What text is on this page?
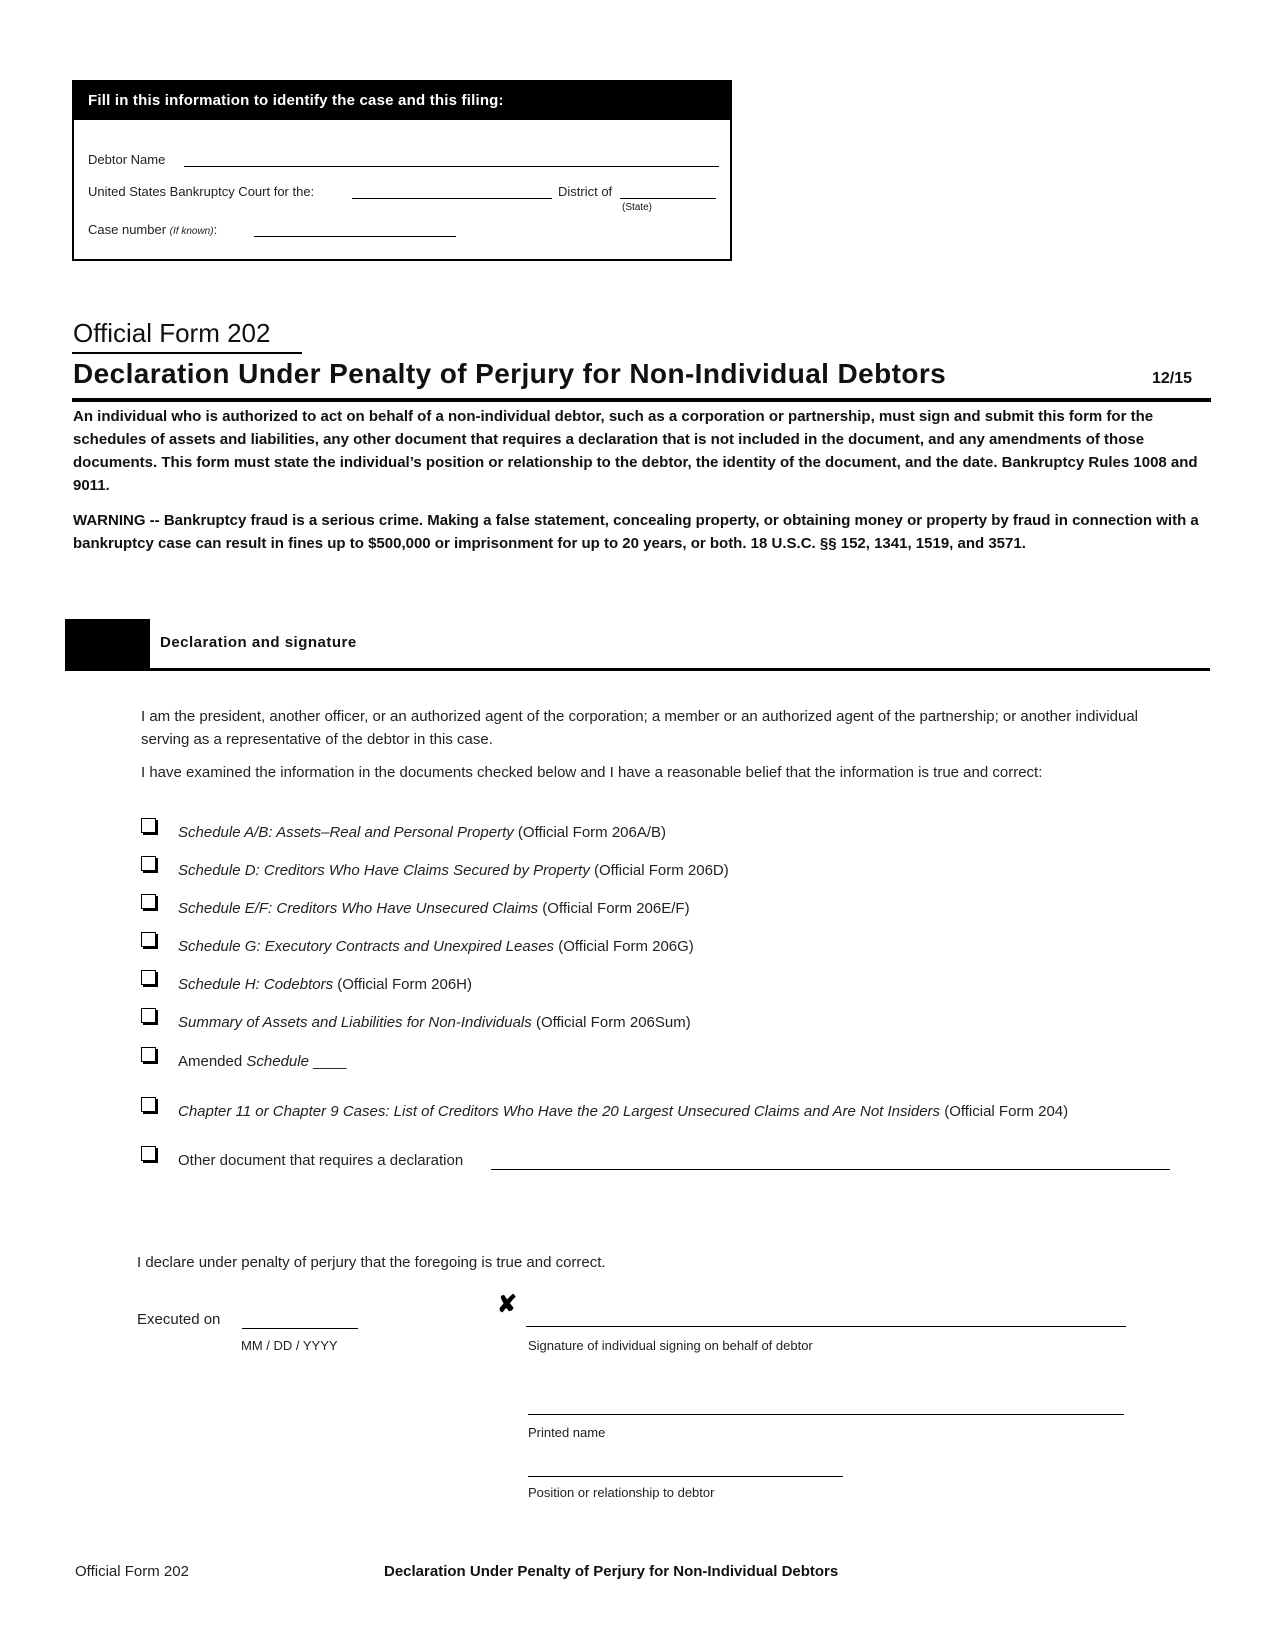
Fill in this information to identify the case and this filing:
Debtor Name
United States Bankruptcy Court for the:	District of
(State)
Case number (If known):
Official Form 202
Declaration Under Penalty of Perjury for Non-Individual Debtors	12/15

An individual who is authorized to act on behalf of a non-individual debtor, such as a corporation or partnership, must sign and submit this form for the schedules of assets and liabilities, any other document that requires a declaration that is not included in the document, and any amendments of those documents. This form must state the individual’s position or relationship to the debtor, the identity of the document, and the date. Bankruptcy Rules 1008 and 9011.

WARNING -- Bankruptcy fraud is a serious crime. Making a false statement, concealing property, or obtaining money or property by fraud in connection with a bankruptcy case can result in fines up to $500,000 or imprisonment for up to 20 years, or both. 18 U.S.C. §§ 152, 1341, 1519, and 3571.

Declaration and signature

I am the president, another officer, or an authorized agent of the corporation; a member or an authorized agent of the partnership; or another individual serving as a representative of the debtor in this case.

I have examined the information in the documents checked below and I have a reasonable belief that the information is true and correct:

Schedule A/B: Assets–Real and Personal Property (Official Form 206A/B)
Schedule D: Creditors Who Have Claims Secured by Property (Official Form 206D)
Schedule E/F: Creditors Who Have Unsecured Claims (Official Form 206E/F)
Schedule G: Executory Contracts and Unexpired Leases (Official Form 206G)
Schedule H: Codebtors (Official Form 206H)
Summary of Assets and Liabilities for Non-Individuals (Official Form 206Sum)
Amended Schedule ____
Chapter 11 or Chapter 9 Cases: List of Creditors Who Have the 20 Largest Unsecured Claims and Are Not Insiders (Official Form 204)
Other document that requires a declaration

I declare under penalty of perjury that the foregoing is true and correct.

Executed on
MM / DD / YYYY
✘
Signature of individual signing on behalf of debtor
Printed name
Position or relationship to debtor
Official Form 202	Declaration Under Penalty of Perjury for Non-Individual Debtors
